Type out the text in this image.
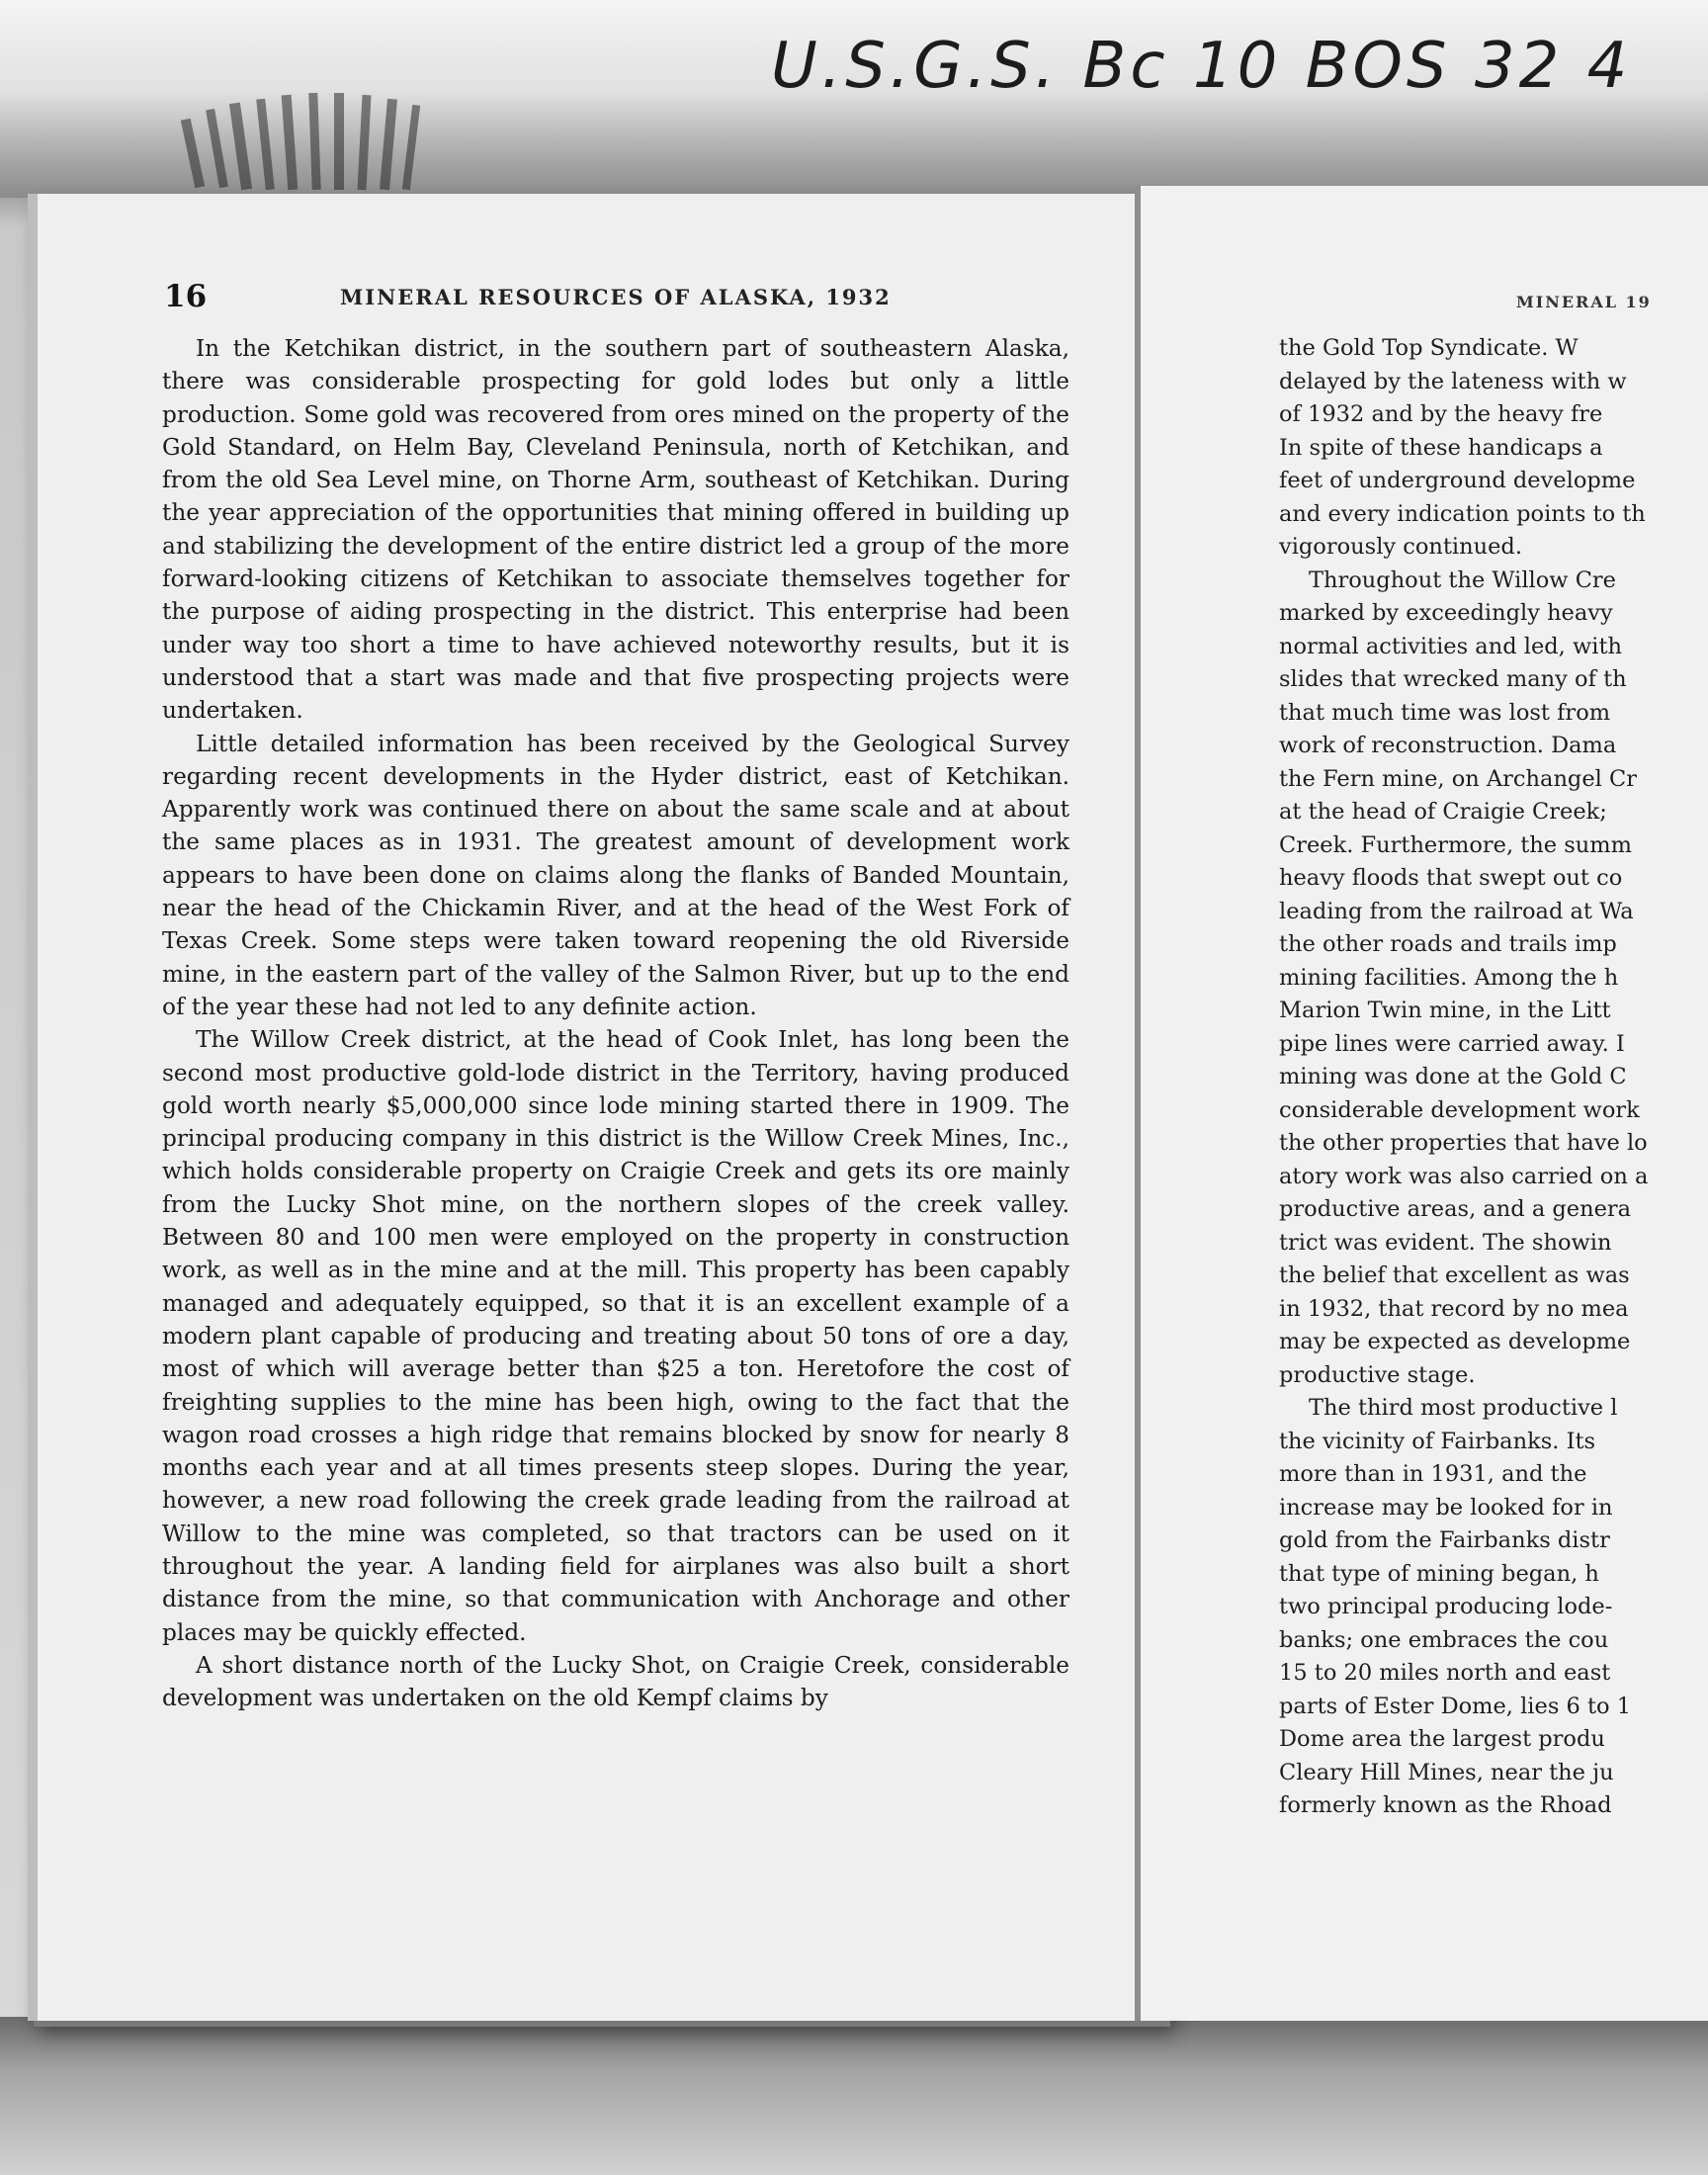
U.S.G.S. Bc 10 BOS 32 4
16	MINERAL RESOURCES OF ALASKA, 1932

In the Ketchikan district, in the southern part of southeastern Alaska, there was considerable prospecting for gold lodes but only a little production. Some gold was recovered from ores mined on the property of the Gold Standard, on Helm Bay, Cleveland Peninsula, north of Ketchikan, and from the old Sea Level mine, on Thorne Arm, southeast of Ketchikan. During the year appreciation of the opportunities that mining offered in building up and stabilizing the development of the entire district led a group of the more forward-looking citizens of Ketchikan to associate themselves together for the purpose of aiding prospecting in the district. This enterprise had been under way too short a time to have achieved noteworthy results, but it is understood that a start was made and that five prospecting projects were undertaken.

Little detailed information has been received by the Geological Survey regarding recent developments in the Hyder district, east of Ketchikan. Apparently work was continued there on about the same scale and at about the same places as in 1931. The greatest amount of development work appears to have been done on claims along the flanks of Banded Mountain, near the head of the Chickamin River, and at the head of the West Fork of Texas Creek. Some steps were taken toward reopening the old Riverside mine, in the eastern part of the valley of the Salmon River, but up to the end of the year these had not led to any definite action.

The Willow Creek district, at the head of Cook Inlet, has long been the second most productive gold-lode district in the Territory, having produced gold worth nearly $5,000,000 since lode mining started there in 1909. The principal producing company in this district is the Willow Creek Mines, Inc., which holds considerable property on Craigie Creek and gets its ore mainly from the Lucky Shot mine, on the northern slopes of the creek valley. Between 80 and 100 men were employed on the property in construction work, as well as in the mine and at the mill. This property has been capably managed and adequately equipped, so that it is an excellent example of a modern plant capable of producing and treating about 50 tons of ore a day, most of which will average better than $25 a ton. Heretofore the cost of freighting supplies to the mine has been high, owing to the fact that the wagon road crosses a high ridge that remains blocked by snow for nearly 8 months each year and at all times presents steep slopes. During the year, however, a new road following the creek grade leading from the railroad at Willow to the mine was completed, so that tractors can be used on it throughout the year. A landing field for airplanes was also built a short distance from the mine, so that communication with Anchorage and other places may be quickly effected.

A short distance north of the Lucky Shot, on Craigie Creek, considerable development was undertaken on the old Kempf claims by

MINERAL 19
the Gold Top Syndicate. W
delayed by the lateness with w
of 1932 and by the heavy fre
In spite of these handicaps a
feet of underground developme
and every indication points to th
vigorously continued.
Throughout the Willow Cre
marked by exceedingly heavy
normal activities and led, with
slides that wrecked many of th
that much time was lost from
work of reconstruction. Dama
the Fern mine, on Archangel Cr
at the head of Craigie Creek;
Creek. Furthermore, the summ
heavy floods that swept out co
leading from the railroad at Wa
the other roads and trails imp
mining facilities. Among the h
Marion Twin mine, in the Litt
pipe lines were carried away. I
mining was done at the Gold C
considerable development work
the other properties that have lo
atory work was also carried on a
productive areas, and a genera
trict was evident. The showin
the belief that excellent as was
in 1932, that record by no mea
may be expected as developme
productive stage.
The third most productive l
the vicinity of Fairbanks. Its
more than in 1931, and the
increase may be looked for in
gold from the Fairbanks distr
that type of mining began, h
two principal producing lode-
banks; one embraces the cou
15 to 20 miles north and east
parts of Ester Dome, lies 6 to 1
Dome area the largest produ
Cleary Hill Mines, near the ju
formerly known as the Rhoad
